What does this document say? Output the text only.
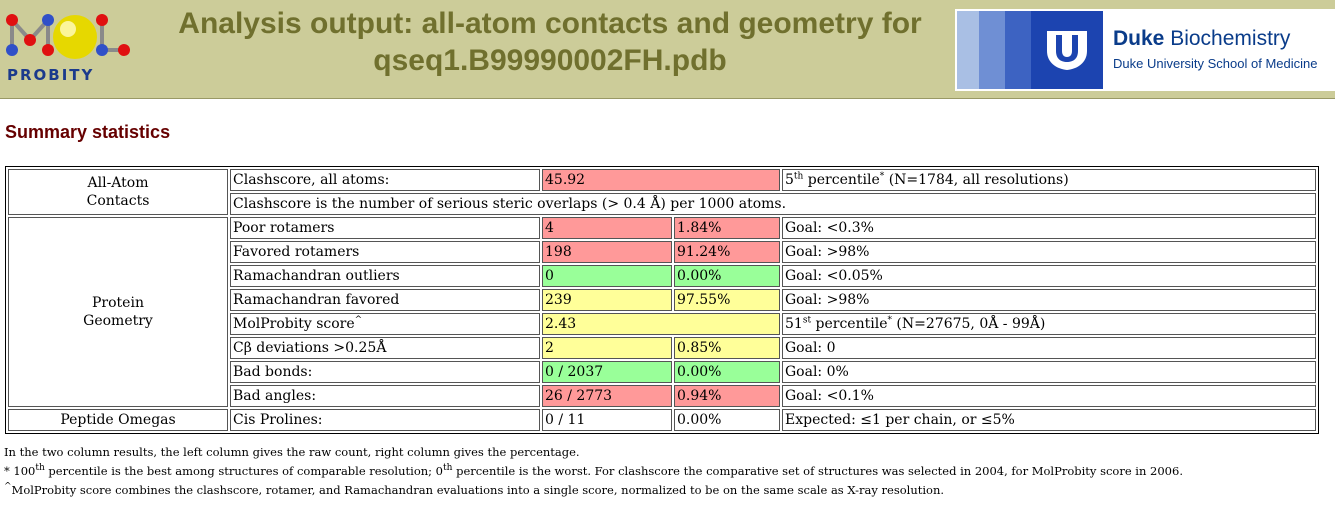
PROBITY
Analysis output: all-atom contacts and geometry for
qseq1.B99990002FH.pdb
Duke Biochemistry
Duke University School of Medicine
Summary statistics
All-Atom
Contacts	Clashscore, all atoms:	45.92		5th percentile* (N=1784, all resolutions)
	Clashscore is the number of serious steric overlaps (> 0.4 Å) per 1000 atoms.			

Protein
Geometry	Poor rotamers	4	1.84%	Goal: <0.3%
	Favored rotamers	198	91.24%	Goal: >98%
	Ramachandran outliers	0	0.00%	Goal: <0.05%
	Ramachandran favored	239	97.55%	Goal: >98%
	MolProbity score^	2.43		51st percentile* (N=27675, 0Å - 99Å)
	Cβ deviations >0.25Å	2	0.85%	Goal: 0
	Bad bonds:	0 / 2037	0.00%	Goal: 0%
	Bad angles:	26 / 2773	0.94%	Goal: <0.1%
Peptide Omegas	Cis Prolines:	0 / 11	0.00%	Expected: ≤1 per chain, or ≤5%

In the two column results, the left column gives the raw count, right column gives the percentage.

* 100th percentile is the best among structures of comparable resolution; 0th percentile is the worst. For clashscore the comparative set of structures was selected in 2004, for MolProbity score in 2006.

^MolProbity score combines the clashscore, rotamer, and Ramachandran evaluations into a single score, normalized to be on the same scale as X-ray resolution.
